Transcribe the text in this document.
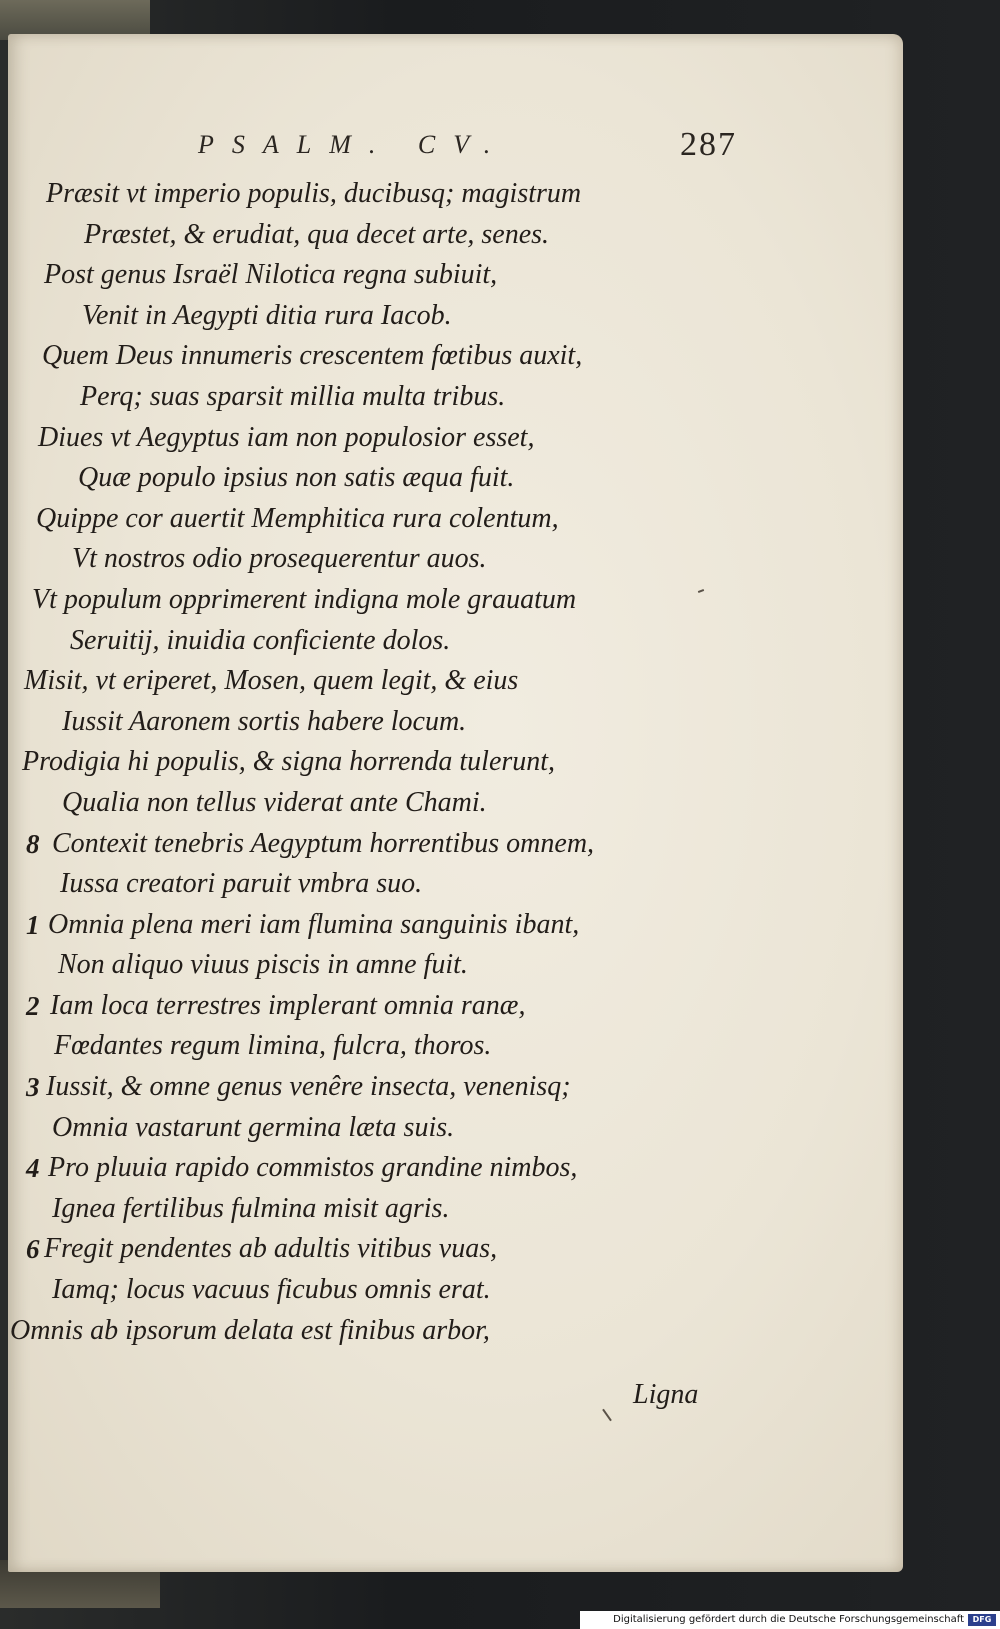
PSALM. CV.	287
Præsit vt imperio populis, ducibusq; magistrum
Præstet, & erudiat, qua decet arte, senes.
Post genus Israël Nilotica regna subiuit,
Venit in Aegypti ditia rura Iacob.
Quem Deus innumeris crescentem fœtibus auxit,
Perq; suas sparsit millia multa tribus.
Diues vt Aegyptus iam non populosior esset,
Quæ populo ipsius non satis æqua fuit.
Quippe cor auertit Memphitica rura colentum,
Vt nostros odio prosequerentur auos.
Vt populum opprimerent indigna mole grauatum
Seruitij, inuidia conficiente dolos.
Misit, vt eriperet, Mosen, quem legit, & eius
Iussit Aaronem sortis habere locum.
Prodigia hi populis, & signa horrenda tulerunt,
Qualia non tellus viderat ante Chami.
8 Contexit tenebris Aegyptum horrentibus omnem,
Iussa creatori paruit vmbra suo.
1 Omnia plena meri iam flumina sanguinis ibant,
Non aliquo viuus piscis in amne fuit.
2 Iam loca terrestres implerant omnia ranæ,
Fœdantes regum limina, fulcra, thoros.
3 Iussit, & omne genus venêre insecta, venenisq;
Omnia vastarunt germina læta suis.
4 Pro pluuia rapido commistos grandine nimbos,
Ignea fertilibus fulmina misit agris.
6 Fregit pendentes ab adultis vitibus vuas,
Iamq; locus vacuus ficubus omnis erat.
Omnis ab ipsorum delata est finibus arbor,
Ligna
Digitalisierung gefördert durch die Deutsche Forschungsgemeinschaft	DFG
